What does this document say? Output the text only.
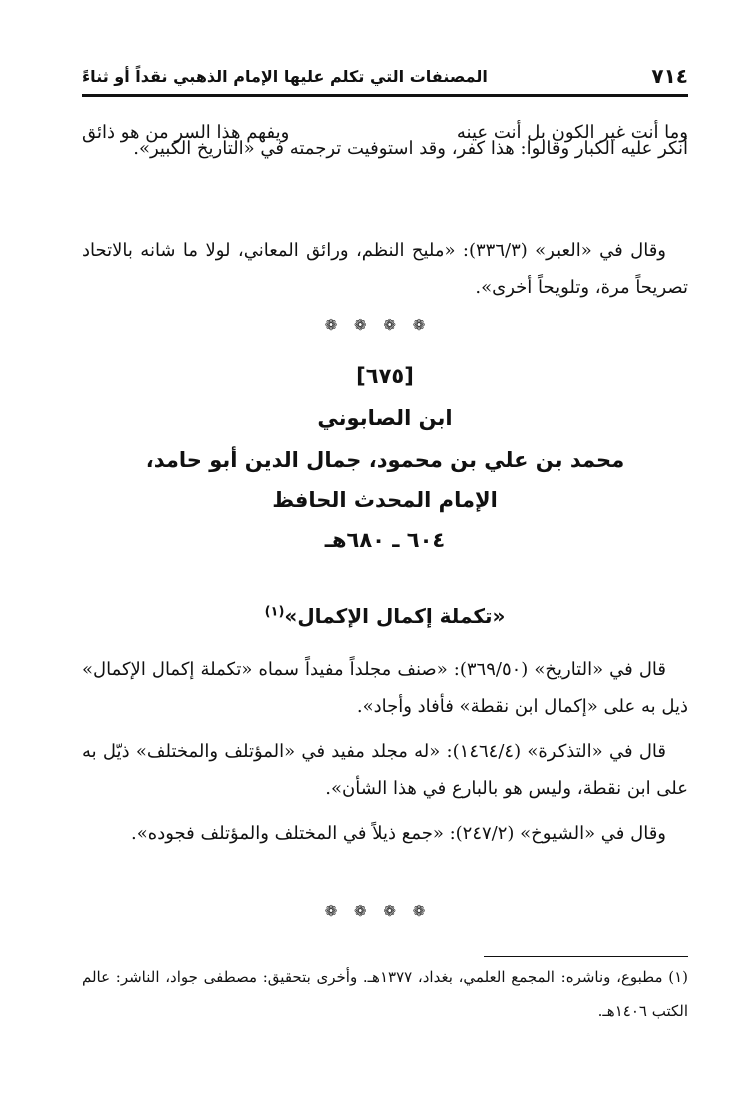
٧١٤
المصنفات التي تكلم عليها الإمام الذهبي نقداً أو ثناءً
وما أنت غير الكون بل أنت عينه
ويفهم هذا السر من هو ذائق

أنكر عليه الكبار وقالوا: هذا كفر، وقد استوفيت ترجمته في «التاريخ الكبير».

وقال في «العبر» (٣٣٦/٣): «مليح النظم، ورائق المعاني، لولا ما شانه بالاتحاد تصريحاً مرة، وتلويحاً أخرى».

❁ ❁ ❁ ❁
[٦٧٥]
ابن الصابوني
محمد بن علي بن محمود، جمال الدين أبو حامد،
الإمام المحدث الحافظ
٦٠٤ ـ ٦٨٠هـ
«تكملة إكمال الإكمال»$^{(١)}$

قال في «التاريخ» (٣٦٩/٥٠): «صنف مجلداً مفيداً سماه «تكملة إكمال الإكمال» ذيل به على «إكمال ابن نقطة» فأفاد وأجاد».

قال في «التذكرة» (١٤٦٤/٤): «له مجلد مفيد في «المؤتلف والمختلف» ذيّل به على ابن نقطة، وليس هو بالبارع في هذا الشأن».

وقال في «الشيوخ» (٢٤٧/٢): «جمع ذيلاً في المختلف والمؤتلف فجوده».

❁ ❁ ❁ ❁

(١) مطبوع، وناشره: المجمع العلمي، بغداد، ١٣٧٧هـ. وأخرى بتحقيق: مصطفى جواد، الناشر: عالم الكتب ١٤٠٦هـ.
